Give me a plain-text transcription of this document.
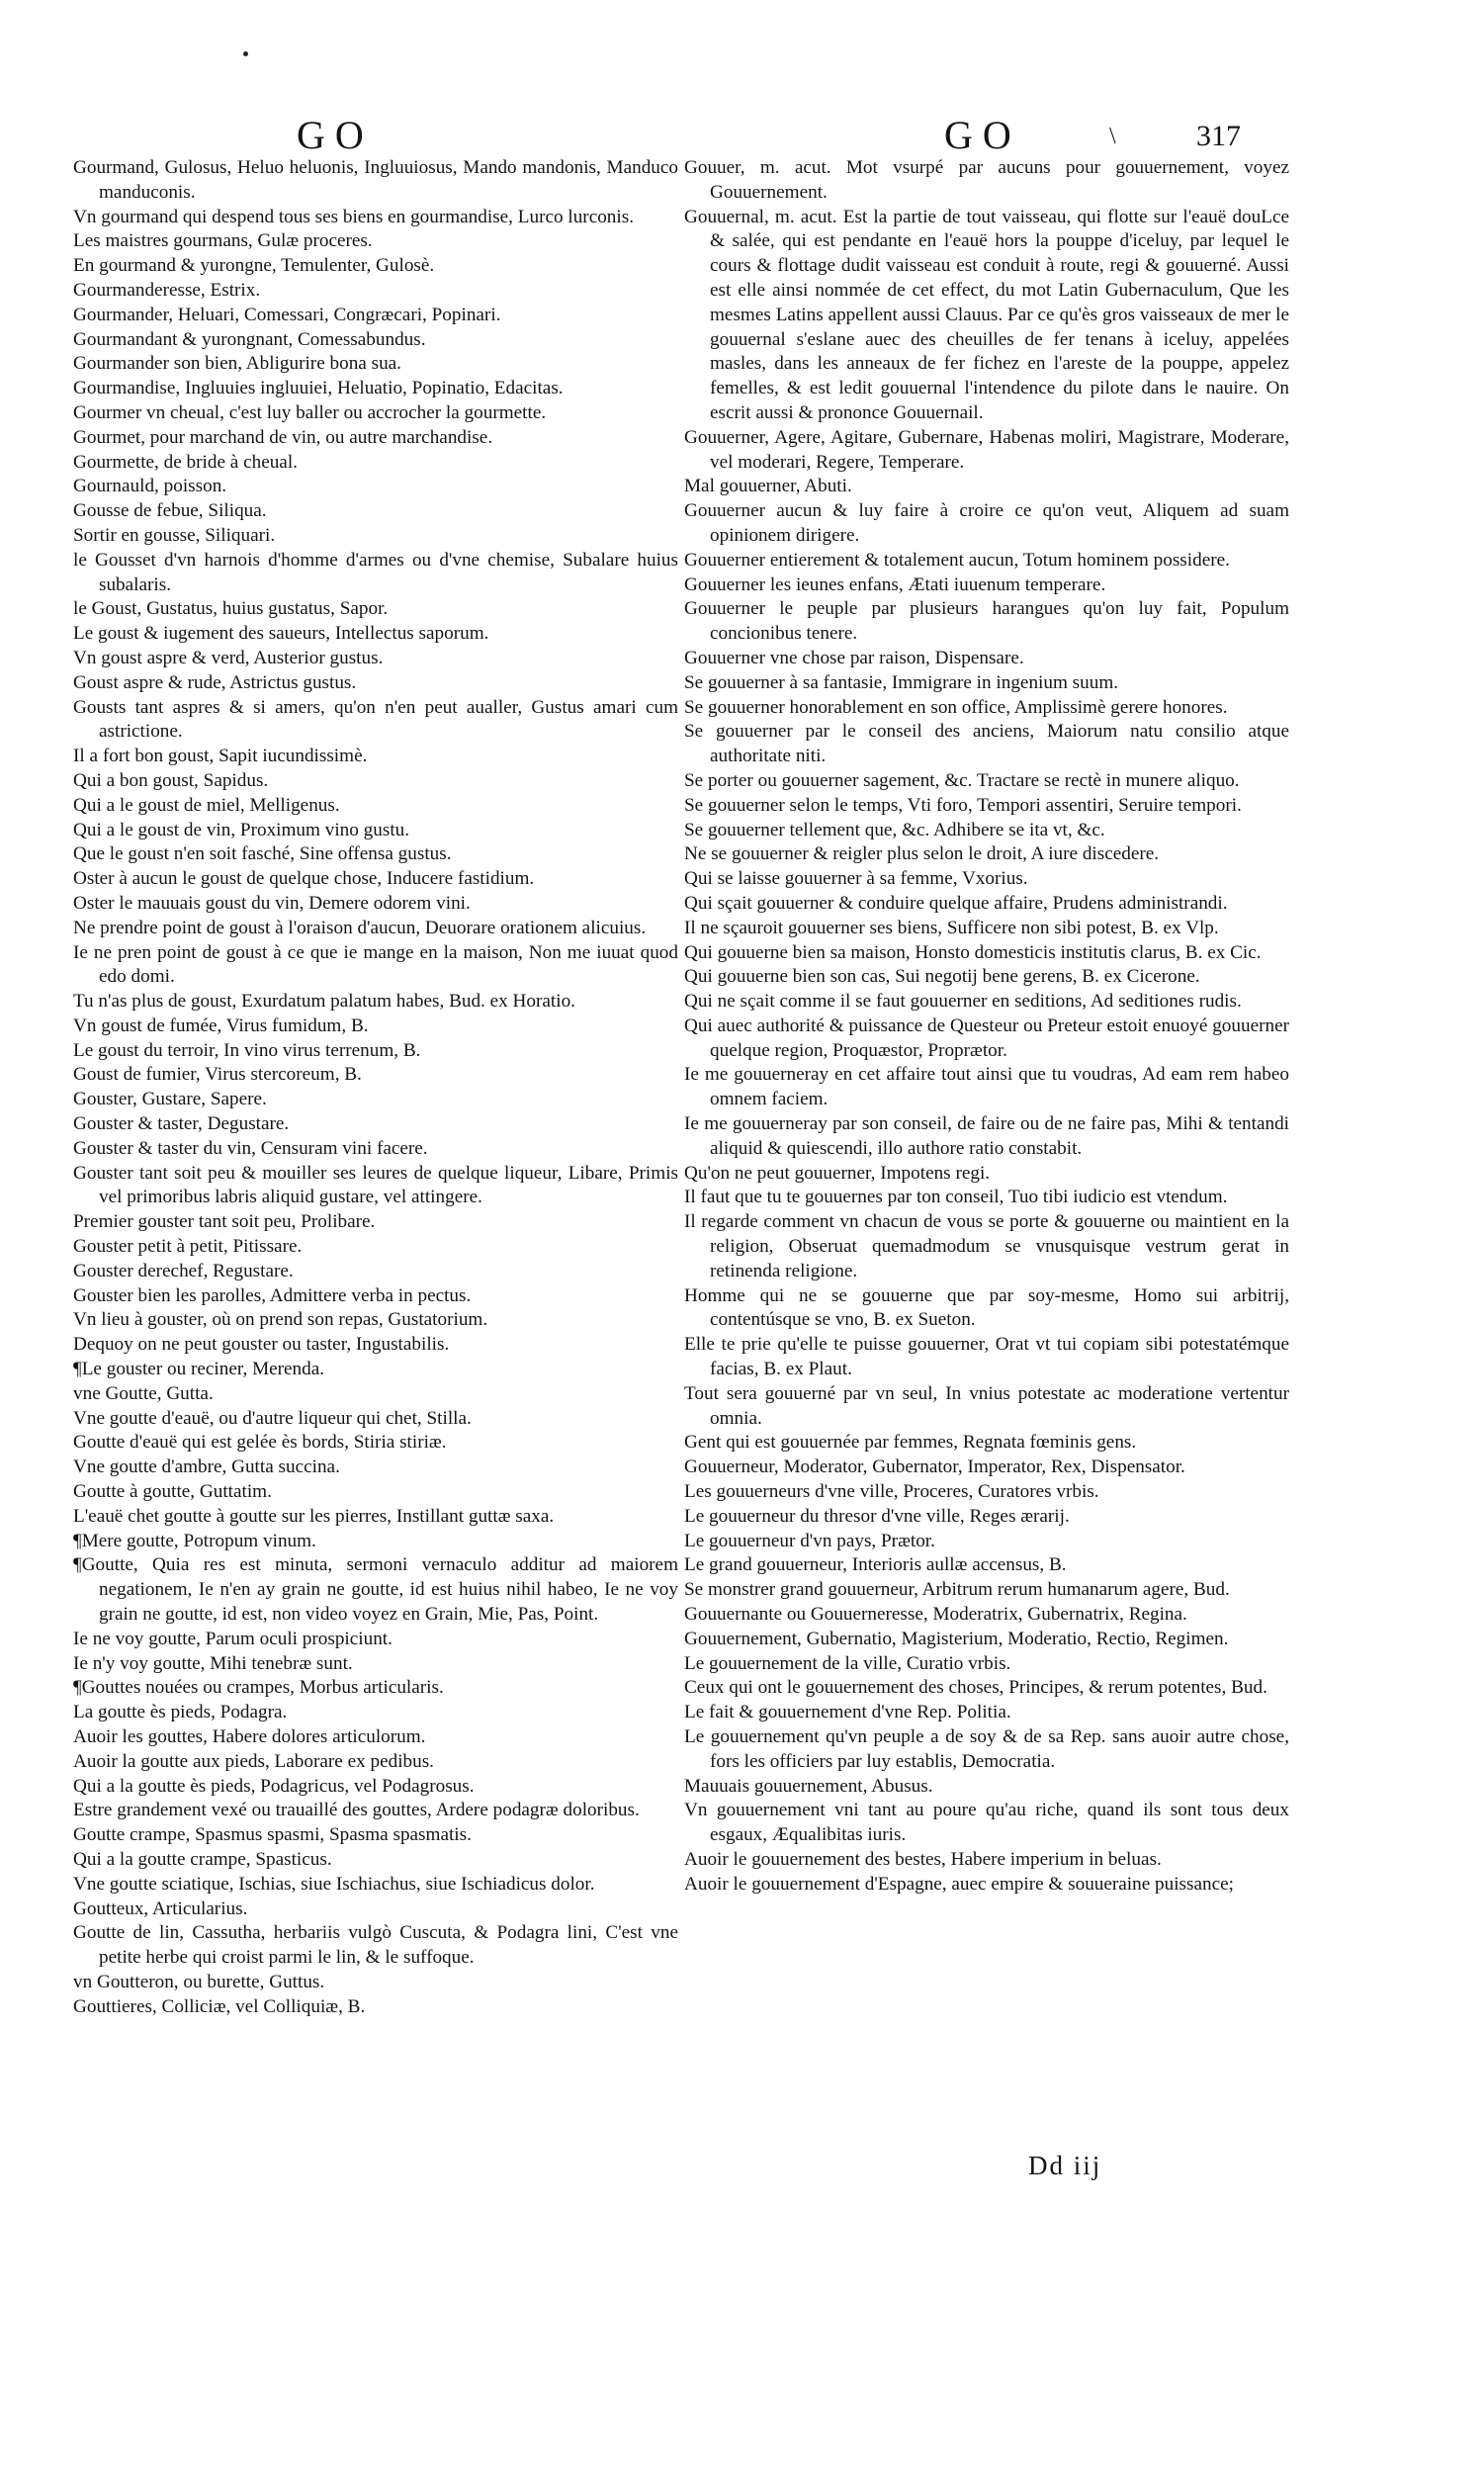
GO	GO	\	317

Gourmand, Gulosus, Heluo heluonis, Ingluuiosus, Mando mandonis, Manduco manduconis.

Vn gourmand qui despend tous ses biens en gourmandise, Lurco lurconis.

Les maistres gourmans, Gulæ proceres.

En gourmand & yurongne, Temulenter, Gulosè.

Gourmanderesse, Estrix.

Gourmander, Heluari, Comessari, Congræcari, Popinari.

Gourmandant & yurongnant, Comessabundus.

Gourmander son bien, Abligurire bona sua.

Gourmandise, Ingluuies ingluuiei, Heluatio, Popinatio, Edacitas.

Gourmer vn cheual, c'est luy baller ou accrocher la gourmette.

Gourmet, pour marchand de vin, ou autre marchandise.

Gourmette, de bride à cheual.

Gournauld, poisson.

Gousse de febue, Siliqua.

Sortir en gousse, Siliquari.

le Gousset d'vn harnois d'homme d'armes ou d'vne chemise, Subalare huius subalaris.

le Goust, Gustatus, huius gustatus, Sapor.

Le goust & iugement des saueurs, Intellectus saporum.

Vn goust aspre & verd, Austerior gustus.

Goust aspre & rude, Astrictus gustus.

Gousts tant aspres & si amers, qu'on n'en peut aualler, Gustus amari cum astrictione.

Il a fort bon goust, Sapit iucundissimè.

Qui a bon goust, Sapidus.

Qui a le goust de miel, Melligenus.

Qui a le goust de vin, Proximum vino gustu.

Que le goust n'en soit fasché, Sine offensa gustus.

Oster à aucun le goust de quelque chose, Inducere fastidium.

Oster le mauuais goust du vin, Demere odorem vini.

Ne prendre point de goust à l'oraison d'aucun, Deuorare orationem alicuius.

Ie ne pren point de goust à ce que ie mange en la maison, Non me iuuat quod edo domi.

Tu n'as plus de goust, Exurdatum palatum habes, Bud. ex Horatio.

Vn goust de fumée, Virus fumidum, B.

Le goust du terroir, In vino virus terrenum, B.

Goust de fumier, Virus stercoreum, B.

Gouster, Gustare, Sapere.

Gouster & taster, Degustare.

Gouster & taster du vin, Censuram vini facere.

Gouster tant soit peu & mouiller ses leures de quelque liqueur, Libare, Primis vel primoribus labris aliquid gustare, vel attingere.

Premier gouster tant soit peu, Prolibare.

Gouster petit à petit, Pitissare.

Gouster derechef, Regustare.

Gouster bien les parolles, Admittere verba in pectus.

Vn lieu à gouster, où on prend son repas, Gustatorium.

Dequoy on ne peut gouster ou taster, Ingustabilis.

¶Le gouster ou reciner, Merenda.

vne Goutte, Gutta.

Vne goutte d'eauë, ou d'autre liqueur qui chet, Stilla.

Goutte d'eauë qui est gelée ès bords, Stiria stiriæ.

Vne goutte d'ambre, Gutta succina.

Goutte à goutte, Guttatim.

L'eauë chet goutte à goutte sur les pierres, Instillant guttæ saxa.

¶Mere goutte, Potropum vinum.

¶Goutte, Quia res est minuta, sermoni vernaculo additur ad maiorem negationem, Ie n'en ay grain ne goutte, id est huius nihil habeo, Ie ne voy grain ne goutte, id est, non video voyez en Grain, Mie, Pas, Point.

Ie ne voy goutte, Parum oculi prospiciunt.

Ie n'y voy goutte, Mihi tenebræ sunt.

¶Gouttes nouées ou crampes, Morbus articularis.

La goutte ès pieds, Podagra.

Auoir les gouttes, Habere dolores articulorum.

Auoir la goutte aux pieds, Laborare ex pedibus.

Qui a la goutte ès pieds, Podagricus, vel Podagrosus.

Estre grandement vexé ou trauaillé des gouttes, Ardere podagræ doloribus.

Goutte crampe, Spasmus spasmi, Spasma spasmatis.

Qui a la goutte crampe, Spasticus.

Vne goutte sciatique, Ischias, siue Ischiachus, siue Ischiadicus dolor.

Goutteux, Articularius.

Goutte de lin, Cassutha, herbariis vulgò Cuscuta, & Podagra lini, C'est vne petite herbe qui croist parmi le lin, & le suffoque.

vn Goutteron, ou burette, Guttus.

Gouttieres, Colliciæ, vel Colliquiæ, B.

Gouuer, m. acut. Mot vsurpé par aucuns pour gouuernement, voyez Gouuernement.

Gouuernal, m. acut. Est la partie de tout vaisseau, qui flotte sur l'eauë douLce & salée, qui est pendante en l'eauë hors la pouppe d'iceluy, par lequel le cours & flottage dudit vaisseau est conduit à route, regi & gouuerné. Aussi est elle ainsi nommée de cet effect, du mot Latin Gubernaculum, Que les mesmes Latins appellent aussi Clauus. Par ce qu'ès gros vaisseaux de mer le gouuernal s'eslane auec des cheuilles de fer tenans à iceluy, appelées masles, dans les anneaux de fer fichez en l'areste de la pouppe, appelez femelles, & est ledit gouuernal l'intendence du pilote dans le nauire. On escrit aussi & prononce Gouuernail.

Gouuerner, Agere, Agitare, Gubernare, Habenas moliri, Magistrare, Moderare, vel moderari, Regere, Temperare.

Mal gouuerner, Abuti.

Gouuerner aucun & luy faire à croire ce qu'on veut, Aliquem ad suam opinionem dirigere.

Gouuerner entierement & totalement aucun, Totum hominem possidere.

Gouuerner les ieunes enfans, Ætati iuuenum temperare.

Gouuerner le peuple par plusieurs harangues qu'on luy fait, Populum concionibus tenere.

Gouuerner vne chose par raison, Dispensare.

Se gouuerner à sa fantasie, Immigrare in ingenium suum.

Se gouuerner honorablement en son office, Amplissimè gerere honores.

Se gouuerner par le conseil des anciens, Maiorum natu consilio atque authoritate niti.

Se porter ou gouuerner sagement, &c. Tractare se rectè in munere aliquo.

Se gouuerner selon le temps, Vti foro, Tempori assentiri, Seruire tempori.

Se gouuerner tellement que, &c. Adhibere se ita vt, &c.

Ne se gouuerner & reigler plus selon le droit, A iure discedere.

Qui se laisse gouuerner à sa femme, Vxorius.

Qui sçait gouuerner & conduire quelque affaire, Prudens administrandi.

Il ne sçauroit gouuerner ses biens, Sufficere non sibi potest, B. ex Vlp.

Qui gouuerne bien sa maison, Honsto domesticis institutis clarus, B. ex Cic.

Qui gouuerne bien son cas, Sui negotij bene gerens, B. ex Cicerone.

Qui ne sçait comme il se faut gouuerner en seditions, Ad seditiones rudis.

Qui auec authorité & puissance de Questeur ou Preteur estoit enuoyé gouuerner quelque region, Proquæstor, Proprætor.

Ie me gouuerneray en cet affaire tout ainsi que tu voudras, Ad eam rem habeo omnem faciem.

Ie me gouuerneray par son conseil, de faire ou de ne faire pas, Mihi & tentandi aliquid & quiescendi, illo authore ratio constabit.

Qu'on ne peut gouuerner, Impotens regi.

Il faut que tu te gouuernes par ton conseil, Tuo tibi iudicio est vtendum.

Il regarde comment vn chacun de vous se porte & gouuerne ou maintient en la religion, Obseruat quemadmodum se vnusquisque vestrum gerat in retinenda religione.

Homme qui ne se gouuerne que par soy-mesme, Homo sui arbitrij, contentúsque se vno, B. ex Sueton.

Elle te prie qu'elle te puisse gouuerner, Orat vt tui copiam sibi potestatémque facias, B. ex Plaut.

Tout sera gouuerné par vn seul, In vnius potestate ac moderatione vertentur omnia.

Gent qui est gouuernée par femmes, Regnata fœminis gens.

Gouuerneur, Moderator, Gubernator, Imperator, Rex, Dispensator.

Les gouuerneurs d'vne ville, Proceres, Curatores vrbis.

Le gouuerneur du thresor d'vne ville, Reges ærarij.

Le gouuerneur d'vn pays, Prætor.

Le grand gouuerneur, Interioris aullæ accensus, B.

Se monstrer grand gouuerneur, Arbitrum rerum humanarum agere, Bud.

Gouuernante ou Gouuerneresse, Moderatrix, Gubernatrix, Regina.

Gouuernement, Gubernatio, Magisterium, Moderatio, Rectio, Regimen.

Le gouuernement de la ville, Curatio vrbis.

Ceux qui ont le gouuernement des choses, Principes, & rerum potentes, Bud.

Le fait & gouuernement d'vne Rep. Politia.

Le gouuernement qu'vn peuple a de soy & de sa Rep. sans auoir autre chose, fors les officiers par luy establis, Democratia.

Mauuais gouuernement, Abusus.

Vn gouuernement vni tant au poure qu'au riche, quand ils sont tous deux esgaux, Æqualibitas iuris.

Auoir le gouuernement des bestes, Habere imperium in beluas.

Auoir le gouuernement d'Espagne, auec empire & souueraine puissance;

Dd iij
